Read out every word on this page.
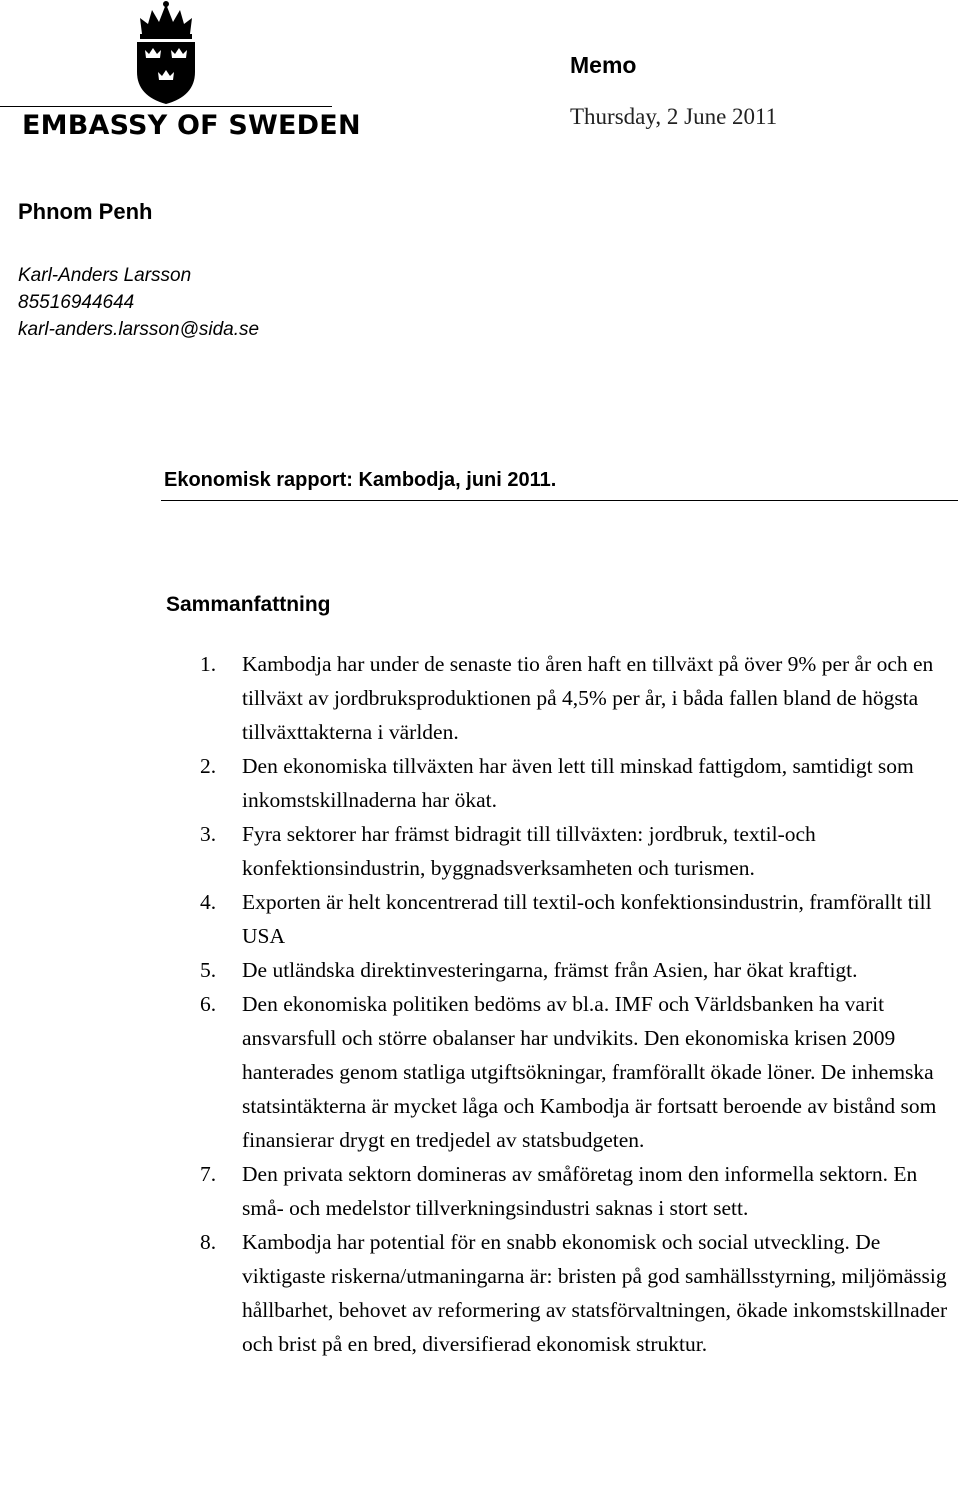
EMBASSY OF SWEDEN
Memo
Thursday, 2 June 2011
Phnom Penh
Karl-Anders Larsson
85516944644
karl-anders.larsson@sida.se
Ekonomisk rapport: Kambodja, juni 2011.
Sammanfattning
1. Kambodja har under de senaste tio åren haft en tillväxt på över 9% per år och en tillväxt av jordbruksproduktionen på 4,5% per år, i båda fallen bland de högsta tillväxttakterna i världen.
2. Den ekonomiska tillväxten har även lett till minskad fattigdom, samtidigt som inkomstskillnaderna har ökat.
3. Fyra sektorer har främst bidragit till tillväxten: jordbruk, textil-och konfektionsindustrin, byggnadsverksamheten och turismen.
4. Exporten är helt koncentrerad till textil-och konfektionsindustrin, framförallt till USA
5. De utländska direktinvesteringarna, främst från Asien, har ökat kraftigt.
6. Den ekonomiska politiken bedöms av bl.a. IMF och Världsbanken ha varit ansvarsfull och större obalanser har undvikits. Den ekonomiska krisen 2009 hanterades genom statliga utgiftsökningar, framförallt ökade löner. De inhemska statsintäkterna är mycket låga och Kambodja är fortsatt beroende av bistånd som finansierar drygt en tredjedel av statsbudgeten.
7. Den privata sektorn domineras av småföretag inom den informella sektorn. En små- och medelstor tillverkningsindustri saknas i stort sett.
8. Kambodja har potential för en snabb ekonomisk och social utveckling. De viktigaste riskerna/utmaningarna är: bristen på god samhällsstyrning, miljömässig hållbarhet, behovet av reformering av statsförvaltningen, ökade inkomstskillnader och brist på en bred, diversifierad ekonomisk struktur.
